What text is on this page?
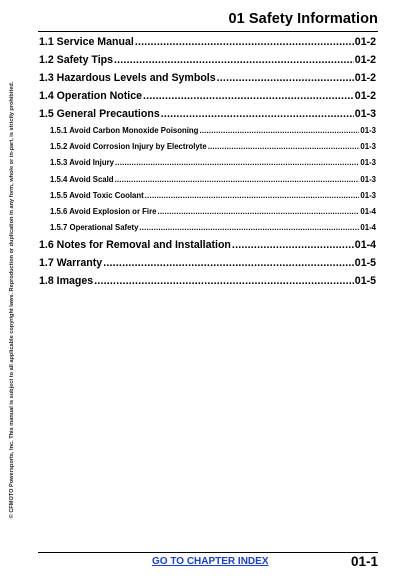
01 Safety Information
© CFMOTO Powersports, Inc. This manual is subject to all applicable copyright laws. Reproduction or duplication in any form, whole or in-part, is strictly prohibited.
1.1 Service Manual .....	01-2
1.2 Safety Tips .....	01-2
1.3 Hazardous Levels and Symbols .....	01-2
1.4 Operation Notice .....	01-2
1.5 General Precautions .....	01-3
1.5.1 Avoid Carbon Monoxide Poisoning .....	01-3
1.5.2 Avoid Corrosion Injury by Electrolyte .....	01-3
1.5.3 Avoid Injury .....	01-3
1.5.4 Avoid Scald .....	01-3
1.5.5 Avoid Toxic Coolant .....	01-3
1.5.6 Avoid Explosion or Fire .....	01-4
1.5.7 Operational Safety .....	01-4
1.6 Notes for Removal and Installation .....	01-4
1.7 Warranty .....	01-5
1.8 Images .....	01-5
GO TO CHAPTER INDEX	01-1
